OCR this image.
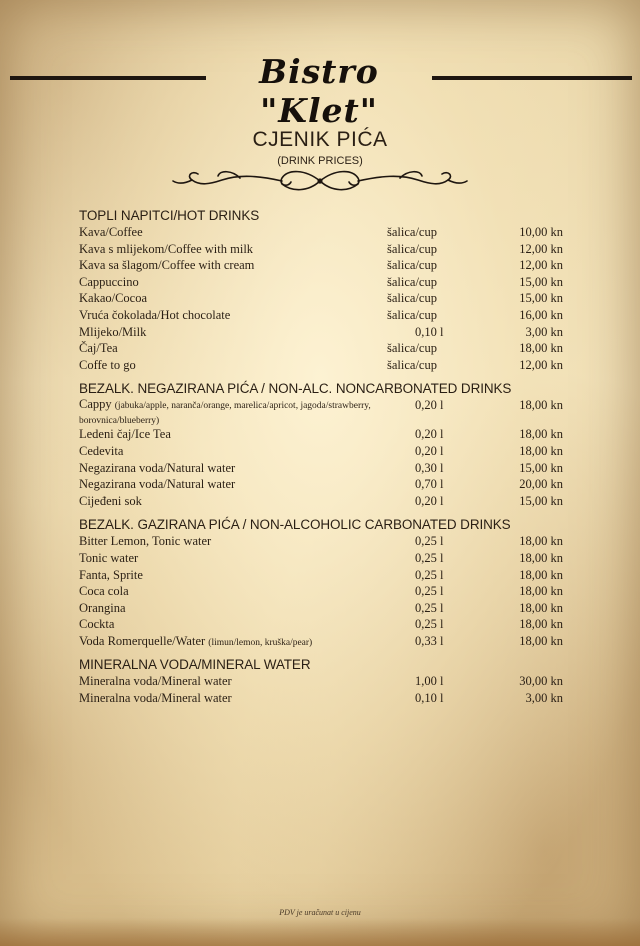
Bistro "Klet"
CJENIK PIĆA
(DRINK PRICES)
TOPLI NAPITCI/HOT DRINKS
Kava/Coffee	šalica/cup	10,00 kn
Kava s mlijekom/Coffee with milk	šalica/cup	12,00 kn
Kava sa šlagom/Coffee with cream	šalica/cup	12,00 kn
Cappuccino	šalica/cup	15,00 kn
Kakao/Cocoa	šalica/cup	15,00 kn
Vruća čokolada/Hot chocolate	šalica/cup	16,00 kn
Mlijeko/Milk	0,10 l	3,00 kn
Čaj/Tea	šalica/cup	18,00 kn
Coffe to go	šalica/cup	12,00 kn
BEZALK. NEGAZIRANA PIĆA / NON-ALC. NONCARBONATED DRINKS
Cappy (jabuka/apple, naranča/orange, marelica/apricot, jagoda/strawberry, borovnica/blueberry)
0,20 l	18,00 kn
Ledeni čaj/Ice Tea	0,20 l	18,00 kn
Cedevita	0,20 l	18,00 kn
Negazirana voda/Natural water	0,30 l	15,00 kn
Negazirana voda/Natural water	0,70 l	20,00 kn
Cijeđeni sok	0,20 l	15,00 kn
BEZALK. GAZIRANA PIĆA / NON-ALCOHOLIC CARBONATED DRINKS
Bitter Lemon, Tonic water	0,25 l	18,00 kn
Tonic water	0,25 l	18,00 kn
Fanta, Sprite	0,25 l	18,00 kn
Coca cola	0,25 l	18,00 kn
Orangina	0,25 l	18,00 kn
Cockta	0,25 l	18,00 kn
Voda Romerquelle/Water (limun/lemon, kruška/pear)	0,33 l	18,00 kn
MINERALNA VODA/MINERAL WATER
Mineralna voda/Mineral water	1,00 l	30,00 kn
Mineralna voda/Mineral water	0,10 l	3,00 kn
PDV je uračunat u cijenu
